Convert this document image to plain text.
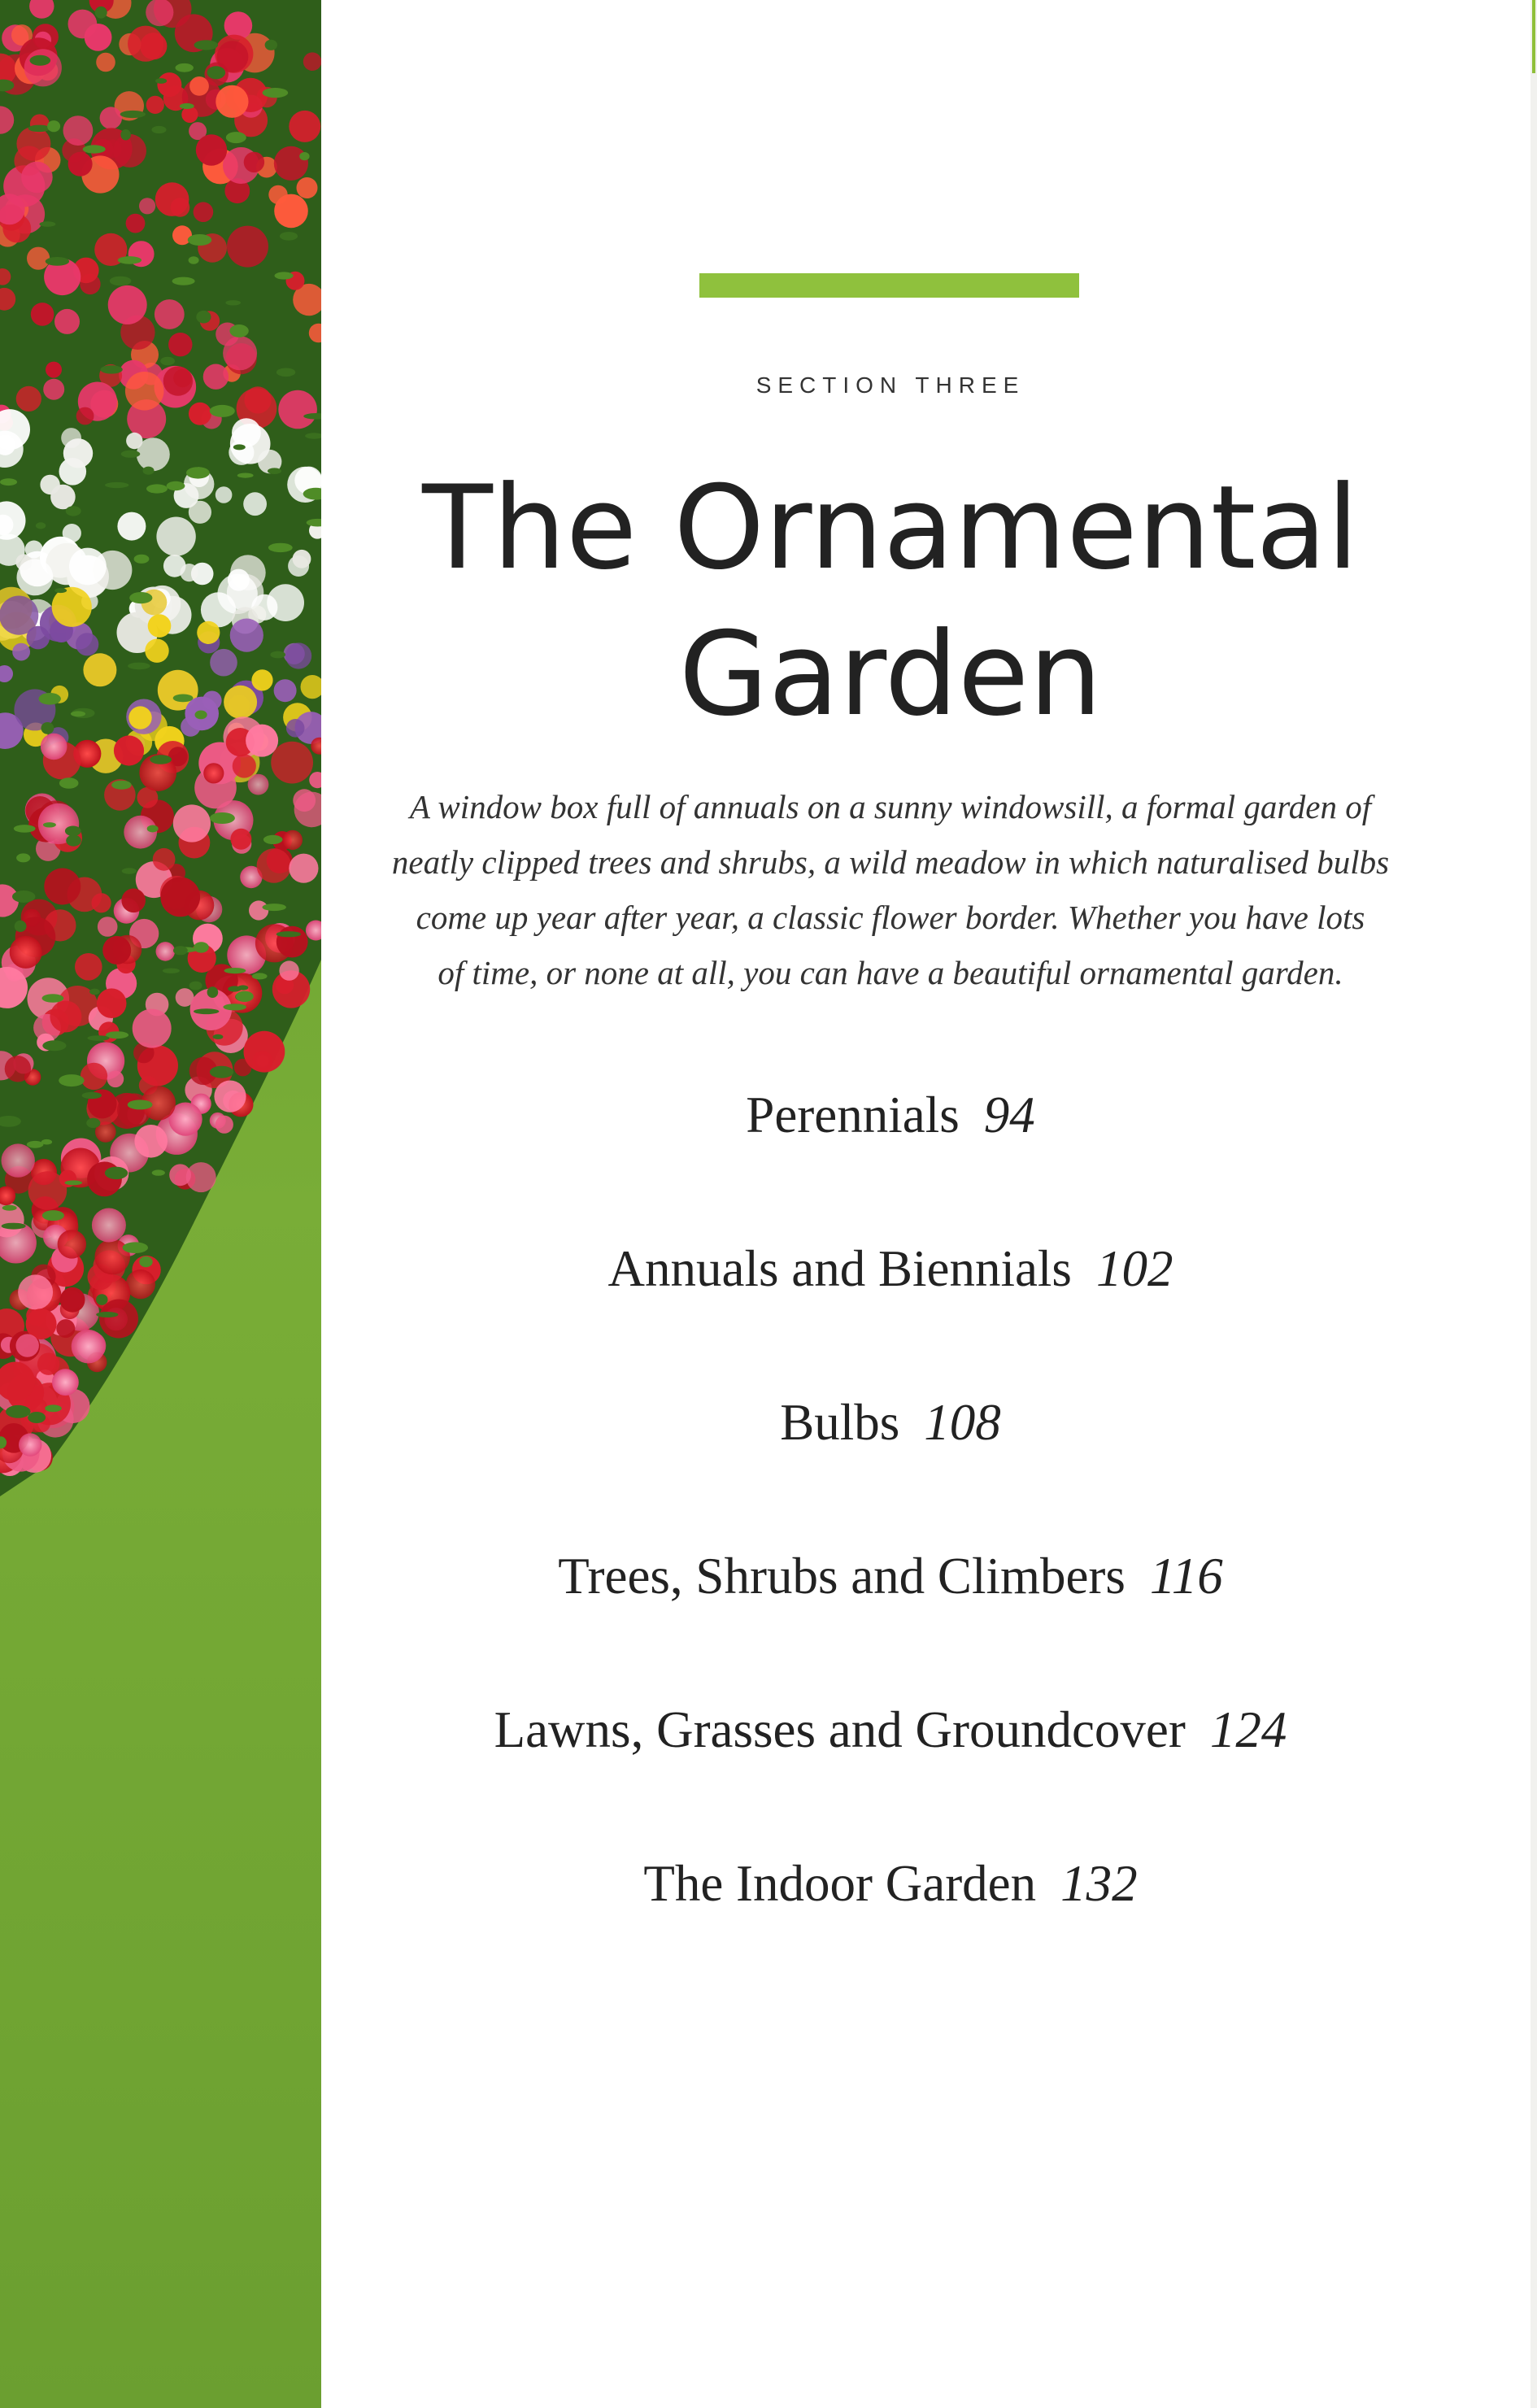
SECTION THREE
The Ornamental
Garden
A window box full of annuals on a sunny windowsill, a formal garden of
neatly clipped trees and shrubs, a wild meadow in which naturalised bulbs
come up year after year, a classic flower border. Whether you have lots
of time, or none at all, you can have a beautiful ornamental garden.
Perennials 94
Annuals and Biennials 102
Bulbs 108
Trees, Shrubs and Climbers 116
Lawns, Grasses and Groundcover 124
The Indoor Garden 132
